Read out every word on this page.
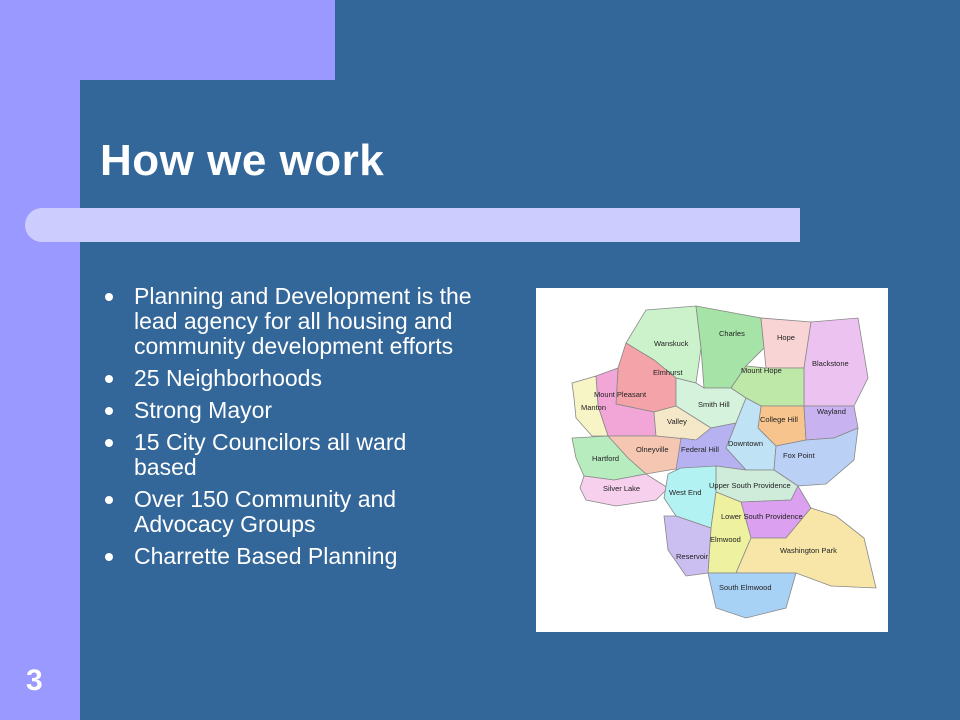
How we work
Planning and Development is the lead agency for all housing and community development efforts
25 Neighborhoods
Strong Mayor
15 City Councilors all ward based
Over 150 Community and Advocacy Groups
Charrette Based Planning
Wanskuck
Charles	Hope
Blackstone
Elmhurst	Mount Hope
Mount Pleasant
Manton	Smith Hill
Valley	College Hill
Wayland
Downtown
Olneyville Federal Hill
Fox Point
Hartford
Upper South Providence
Silver Lake	West End
Lower South Providence
Elmwood
Reservoir
Washington Park
South Elmwood
3
